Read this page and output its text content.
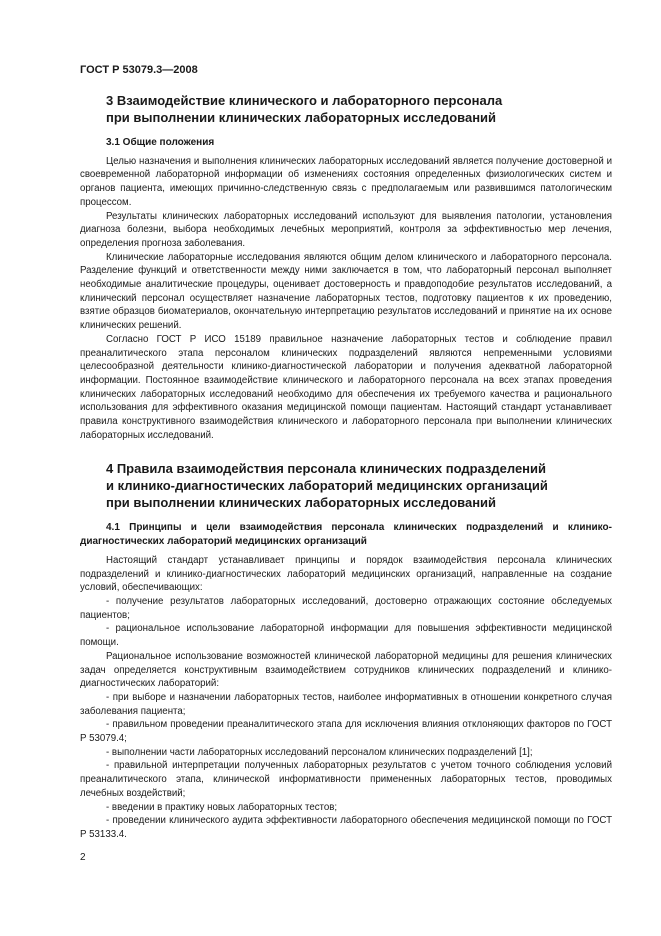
ГОСТ Р 53079.3—2008
3 Взаимодействие клинического и лабораторного персонала
при выполнении клинических лабораторных исследований
3.1 Общие положения

Целью назначения и выполнения клинических лабораторных исследований является получение достоверной и своевременной лабораторной информации об изменениях состояния определенных физиологических систем и органов пациента, имеющих причинно-следственную связь с предполагаемым или развившимся патологическим процессом.

Результаты клинических лабораторных исследований используют для выявления патологии, установления диагноза болезни, выбора необходимых лечебных мероприятий, контроля за эффективностью мер лечения, определения прогноза заболевания.

Клинические лабораторные исследования являются общим делом клинического и лабораторного персонала. Разделение функций и ответственности между ними заключается в том, что лабораторный персонал выполняет необходимые аналитические процедуры, оценивает достоверность и правдоподобие результатов исследований, а клинический персонал осуществляет назначение лабораторных тестов, подготовку пациентов к их проведению, взятие образцов биоматериалов, окончательную интерпретацию результатов исследований и принятие на их основе клинических решений.

Согласно ГОСТ Р ИСО 15189 правильное назначение лабораторных тестов и соблюдение правил преаналитического этапа персоналом клинических подразделений являются непременными условиями целесообразной деятельности клинико-диагностической лаборатории и получения адекватной лабораторной информации. Постоянное взаимодействие клинического и лабораторного персонала на всех этапах проведения клинических лабораторных исследований необходимо для обеспечения их требуемого качества и рационального использования для эффективного оказания медицинской помощи пациентам. Настоящий стандарт устанавливает правила конструктивного взаимодействия клинического и лабораторного персонала при выполнении клинических лабораторных исследований.

4 Правила взаимодействия персонала клинических подразделений
и клинико-диагностических лабораторий медицинских организаций
при выполнении клинических лабораторных исследований
4.1 Принципы и цели взаимодействия персонала клинических подразделений и клинико-диагностических лабораторий медицинских организаций

Настоящий стандарт устанавливает принципы и порядок взаимодействия персонала клинических подразделений и клинико-диагностических лабораторий медицинских организаций, направленные на создание условий, обеспечивающих:

- получение результатов лабораторных исследований, достоверно отражающих состояние обследуемых пациентов;

- рациональное использование лабораторной информации для повышения эффективности медицинской помощи.

Рациональное использование возможностей клинической лабораторной медицины для решения клинических задач определяется конструктивным взаимодействием сотрудников клинических подразделений и клинико-диагностических лабораторий:

- при выборе и назначении лабораторных тестов, наиболее информативных в отношении конкретного случая заболевания пациента;

- правильном проведении преаналитического этапа для исключения влияния отклоняющих факторов по ГОСТ Р 53079.4;

- выполнении части лабораторных исследований персоналом клинических подразделений [1];

- правильной интерпретации полученных лабораторных результатов с учетом точного соблюдения условий преаналитического этапа, клинической информативности примененных лабораторных тестов, проводимых лечебных воздействий;

- введении в практику новых лабораторных тестов;

- проведении клинического аудита эффективности лабораторного обеспечения медицинской помощи по ГОСТ Р 53133.4.

2
